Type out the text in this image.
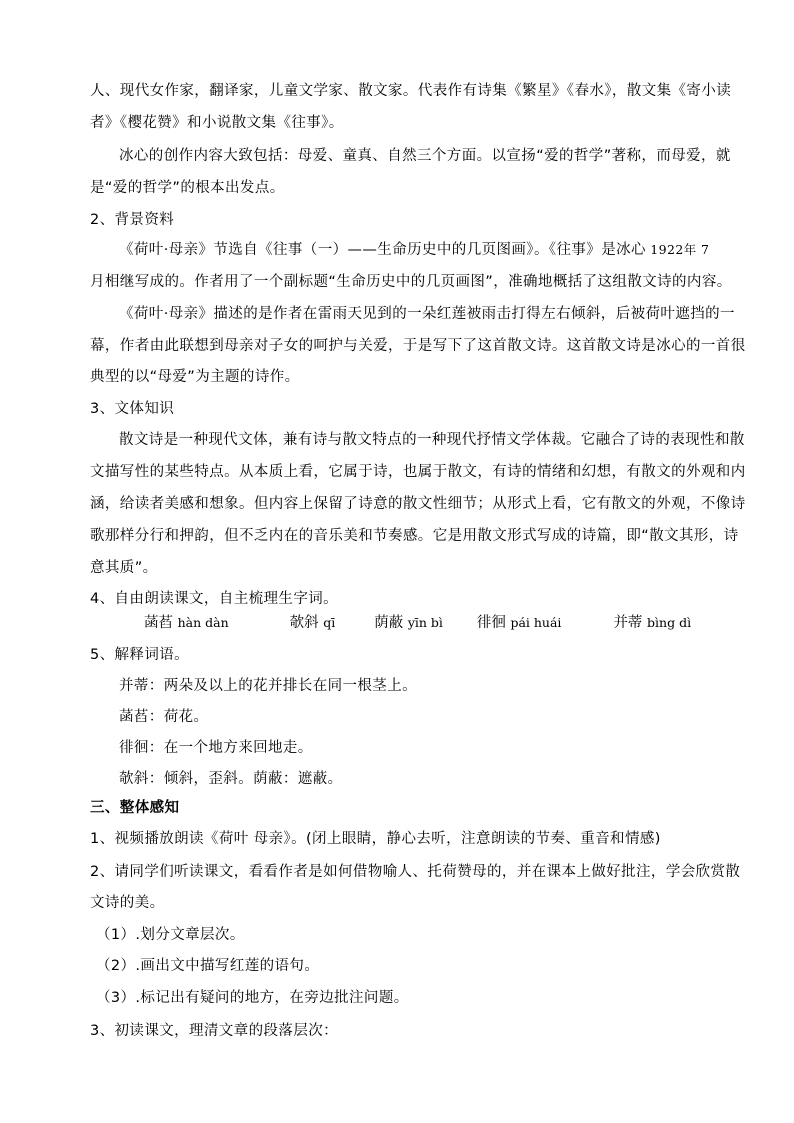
人、现代女作家，翻译家，儿童文学家、散文家。代表作有诗集《繁星》《春水》，散文集《寄小读
者》《樱花赞》和小说散文集《往事》。
冰心的创作内容大致包括：母爱、童真、自然三个方面。以宣扬“爱的哲学”著称，而母爱，就
是“爱的哲学”的根本出发点。
2、背景资料
《荷叶·母亲》节选自《往事（一）——生命历史中的几页图画》。《往事》是冰心 1922年 7
月相继写成的。作者用了一个副标题“生命历史中的几页画图”，准确地概括了这组散文诗的内容。
《荷叶·母亲》描述的是作者在雷雨天见到的一朵红莲被雨击打得左右倾斜，后被荷叶遮挡的一
幕，作者由此联想到母亲对子女的呵护与关爱，于是写下了这首散文诗。这首散文诗是冰心的一首很
典型的以“母爱”为主题的诗作。
3、文体知识
散文诗是一种现代文体，兼有诗与散文特点的一种现代抒情文学体裁。它融合了诗的表现性和散
文描写性的某些特点。从本质上看，它属于诗，也属于散文，有诗的情绪和幻想，有散文的外观和内
涵，给读者美感和想象。但内容上保留了诗意的散文性细节；从形式上看，它有散文的外观，不像诗
歌那样分行和押韵，但不乏内在的音乐美和节奏感。它是用散文形式写成的诗篇，即“散文其形，诗
意其质”。
4、自由朗读课文，自主梳理生字词。
菡萏 hàn dàn	欹斜 qī	荫蔽 yīn bì 徘徊 pái huái	并蒂 bìng dì
5、解释词语。
并蒂：两朵及以上的花并排长在同一根茎上。
菡萏：荷花。
徘徊：在一个地方来回地走。
欹斜：倾斜，歪斜。荫蔽：遮蔽。
三、整体感知
1、视频播放朗读《荷叶 母亲》。(闭上眼睛，静心去听，注意朗读的节奏、重音和情感)
2、请同学们听读课文，看看作者是如何借物喻人、托荷赞母的，并在课本上做好批注，学会欣赏散
文诗的美。
（1）.划分文章层次。
（2）.画出文中描写红莲的语句。
（3）.标记出有疑问的地方，在旁边批注问题。
3、初读课文，理清文章的段落层次：
